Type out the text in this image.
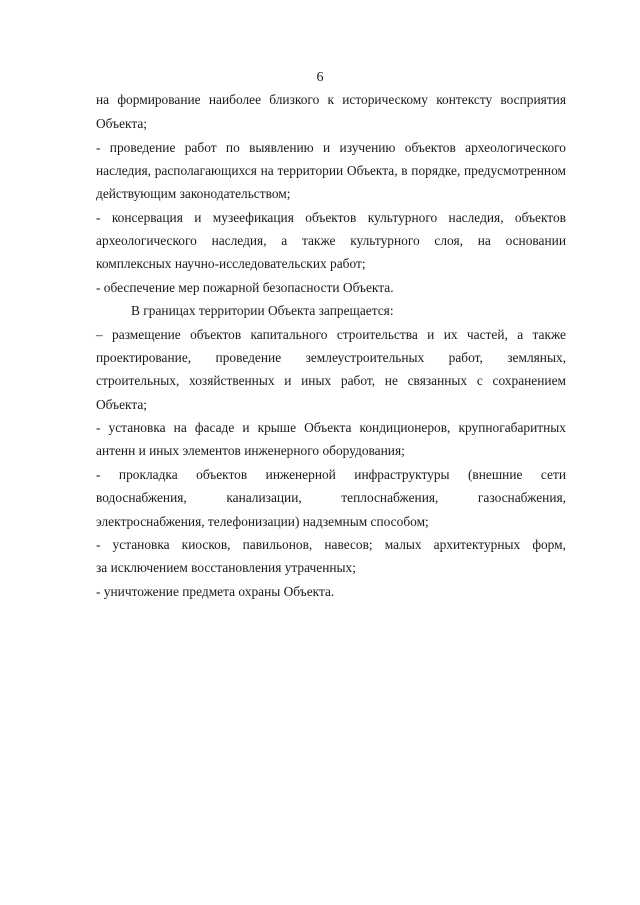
6
на формирование наиболее близкого к историческому контексту восприятия
Объекта;
- проведение работ по выявлению и изучению объектов археологического
наследия, располагающихся на территории Объекта, в порядке, предусмотренном
действующим законодательством;
- консервация и музеефикация объектов культурного наследия, объектов
археологического наследия, а также культурного слоя, на основании
комплексных научно-исследовательских работ;
- обеспечение мер пожарной безопасности Объекта.
В границах территории Объекта запрещается:
– размещение объектов капитального строительства и их частей, а также
проектирование, проведение землеустроительных работ, земляных,
строительных, хозяйственных и иных работ, не связанных с сохранением
Объекта;
- установка на фасаде и крыше Объекта кондиционеров, крупногабаритных
антенн и иных элементов инженерного оборудования;
- прокладка объектов инженерной инфраструктуры (внешние сети
водоснабжения, канализации, теплоснабжения, газоснабжения,
электроснабжения, телефонизации) надземным способом;
- установка киосков, павильонов, навесов; малых архитектурных форм,
за исключением восстановления утраченных;
- уничтожение предмета охраны Объекта.
